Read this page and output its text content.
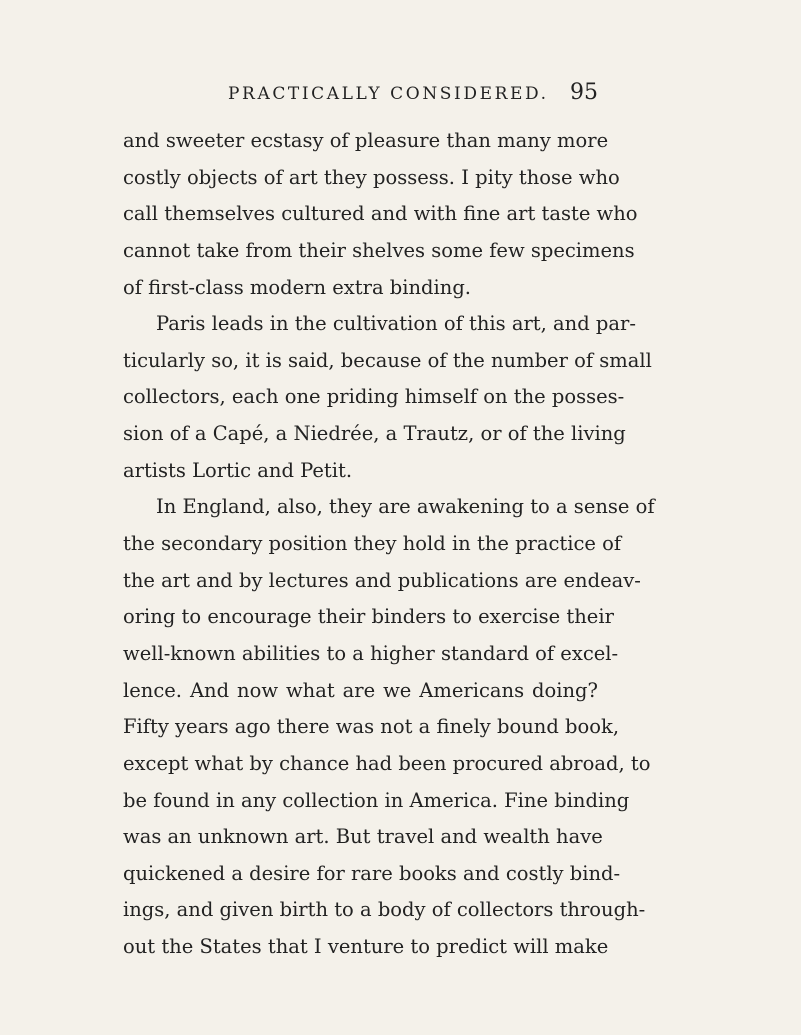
PRACTICALLY CONSIDERED. 95
and sweeter ecstasy of pleasure than many more
costly objects of art they possess. I pity those who
call themselves cultured and with fine art taste who
cannot take from their shelves some few specimens
of first-class modern extra binding.
Paris leads in the cultivation of this art, and par-
ticularly so, it is said, because of the number of small
collectors, each one priding himself on the posses-
sion of a Capé, a Niedrée, a Trautz, or of the living
artists Lortic and Petit.
In England, also, they are awakening to a sense of
the secondary position they hold in the practice of
the art and by lectures and publications are endeav-
oring to encourage their binders to exercise their
well-known abilities to a higher standard of excel-
lence. And now what are we Americans doing?
Fifty years ago there was not a finely bound book,
except what by chance had been procured abroad, to
be found in any collection in America. Fine binding
was an unknown art. But travel and wealth have
quickened a desire for rare books and costly bind-
ings, and given birth to a body of collectors through-
out the States that I venture to predict will make
